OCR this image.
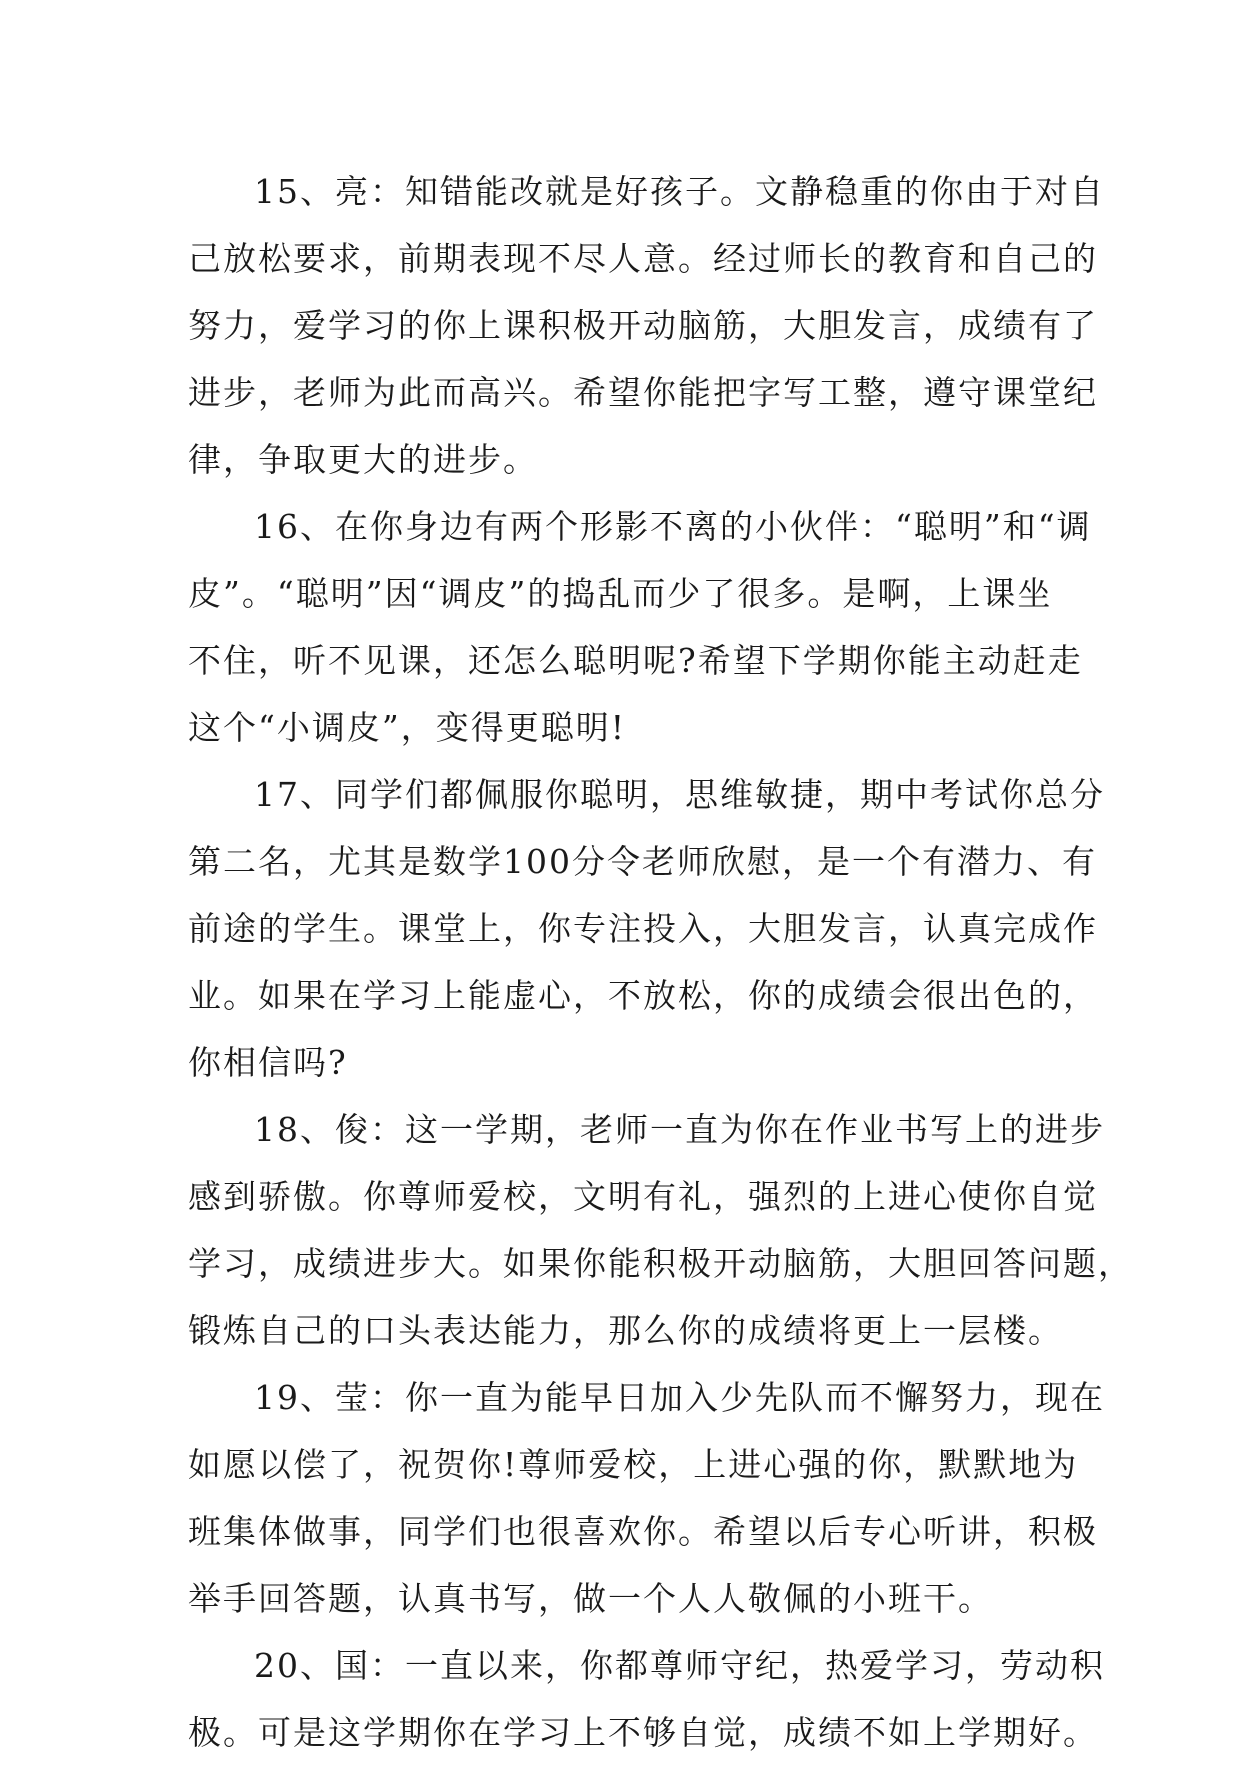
15、亮：知错能改就是好孩子。文静稳重的你由于对自
己放松要求，前期表现不尽人意。经过师长的教育和自己的
努力，爱学习的你上课积极开动脑筋，大胆发言，成绩有了
进步，老师为此而高兴。希望你能把字写工整，遵守课堂纪
律，争取更大的进步。
16、在你身边有两个形影不离的小伙伴：“聪明”和“调
皮”。“聪明”因“调皮”的捣乱而少了很多。是啊，上课坐
不住，听不见课，还怎么聪明呢?希望下学期你能主动赶走
这个“小调皮”，变得更聪明!
17、同学们都佩服你聪明，思维敏捷，期中考试你总分
第二名，尤其是数学100分令老师欣慰，是一个有潜力、有
前途的学生。课堂上，你专注投入，大胆发言，认真完成作
业。如果在学习上能虚心，不放松，你的成绩会很出色的，
你相信吗?
18、俊：这一学期，老师一直为你在作业书写上的进步
感到骄傲。你尊师爱校，文明有礼，强烈的上进心使你自觉
学习，成绩进步大。如果你能积极开动脑筋，大胆回答问题，
锻炼自己的口头表达能力，那么你的成绩将更上一层楼。
19、莹：你一直为能早日加入少先队而不懈努力，现在
如愿以偿了，祝贺你!尊师爱校，上进心强的你，默默地为
班集体做事，同学们也很喜欢你。希望以后专心听讲，积极
举手回答题，认真书写，做一个人人敬佩的小班干。
20、国：一直以来，你都尊师守纪，热爱学习，劳动积
极。可是这学期你在学习上不够自觉，成绩不如上学期好。
